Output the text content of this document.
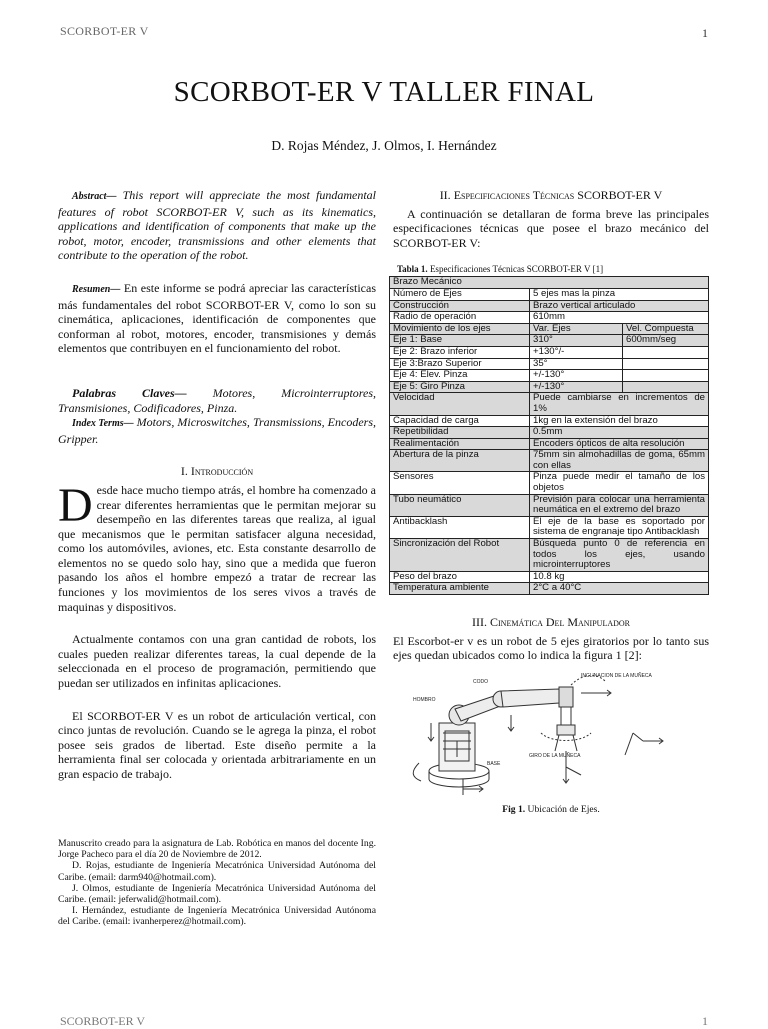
SCORBOT-ER V	1
SCORBOT-ER V TALLER FINAL
D. Rojas Méndez, J. Olmos, I. Hernández

Abstract— This report will appreciate the most fundamental features of robot SCORBOT-ER V, such as its kinematics, applications and identification of components that make up the robot, motor, encoder, transmissions and other elements that contribute to the operation of the robot.

Resumen— En este informe se podrá apreciar las características más fundamentales del robot SCORBOT-ER V, como lo son su cinemática, aplicaciones, identificación de componentes que conforman al robot, motores, encoder, transmisiones y demás elementos que contribuyen en el funcionamiento del robot.

Palabras Claves— Motores, Microinterruptores, Transmisiones, Codificadores, Pinza.

Index Terms— Motors, Microswitches, Transmissions, Encoders, Gripper.

I. Introducción

Desde hace mucho tiempo atrás, el hombre ha comenzado a crear diferentes herramientas que le permitan mejorar su desempeño en las diferentes tareas que realiza, al igual que mecanismos que le permitan satisfacer alguna necesidad, como los automóviles, aviones, etc. Esta constante desarrollo de elementos no se quedo solo hay, sino que a medida que fueron pasando los años el hombre empezó a tratar de recrear las funciones y los movimientos de los seres vivos a través de maquinas y dispositivos.

Actualmente contamos con una gran cantidad de robots, los cuales pueden realizar diferentes tareas, la cual depende de la seleccionada en el proceso de programación, permitiendo que puedan ser utilizados en infinitas aplicaciones.

El SCORBOT-ER V es un robot de articulación vertical, con cinco juntas de revolución. Cuando se le agrega la pinza, el robot posee seis grados de libertad. Este diseño permite a la herramienta final ser colocada y orientada arbitrariamente en un gran espacio de trabajo.

Manuscrito creado para la asignatura de Lab. Robótica en manos del docente Ing. Jorge Pacheco para el día 20 de Noviembre de 2012.

D. Rojas, estudiante de Ingeniería Mecatrónica Universidad Autónoma del Caribe. (email: darm940@hotmail.com).

J. Olmos, estudiante de Ingeniería Mecatrónica Universidad Autónoma del Caribe. (email: jeferwalid@hotmail.com).

I. Hernández, estudiante de Ingeniería Mecatrónica Universidad Autónoma del Caribe. (email: ivanherperez@hotmail.com).

II. Especificaciones Técnicas SCORBOT-ER V

A continuación se detallaran de forma breve las principales especificaciones técnicas que posee el brazo mecánico del SCORBOT-ER V:

Tabla 1. Especificaciones Técnicas SCORBOT-ER V [1]

Brazo Mecánico		
Número de Ejes	5 ejes mas la pinza	
Construcción	Brazo vertical articulado	
Radio de operación	610mm	
Movimiento de los ejes	Var. Ejes	Vel. Compuesta
Eje 1: Base	310°	600mm/seg
Eje 2: Brazo inferior	+130°/-	
Eje 3:Brazo Superior	35°	
Eje 4: Elev. Pinza	+/-130°	
Eje 5: Giro Pinza	+/-130°	
Velocidad	Puede cambiarse en incrementos de 1%	
Capacidad de carga	1kg en la extensión del brazo	
Repetibilidad	0.5mm	
Realimentación	Encoders ópticos de alta resolución	
Abertura de la pinza	75mm sin almohadillas de goma, 65mm con ellas	
Sensores	Pinza puede medir el tamaño de los objetos	
Tubo neumático	Previsión para colocar una herramienta neumática en el extremo del brazo	
Antibacklash	El eje de la base es soportado por sistema de engranaje tipo Antibacklash	
Sincronización del Robot	Búsqueda punto 0 de referencia en todos los ejes, usando microinterruptores	
Peso del brazo	10.8 kg	
Temperatura ambiente	2°C a 40°C	

III. Cinemática Del Manipulador

El Escorbot-er v es un robot de 5 ejes giratorios por lo tanto sus ejes quedan ubicados como lo indica la figura 1 [2]:

CODO
HOMBRO
BASE
INCLINACION DE LA MUÑECA
GIRO DE LA MUÑECA

Fig 1. Ubicación de Ejes.

SCORBOT-ER V	1
